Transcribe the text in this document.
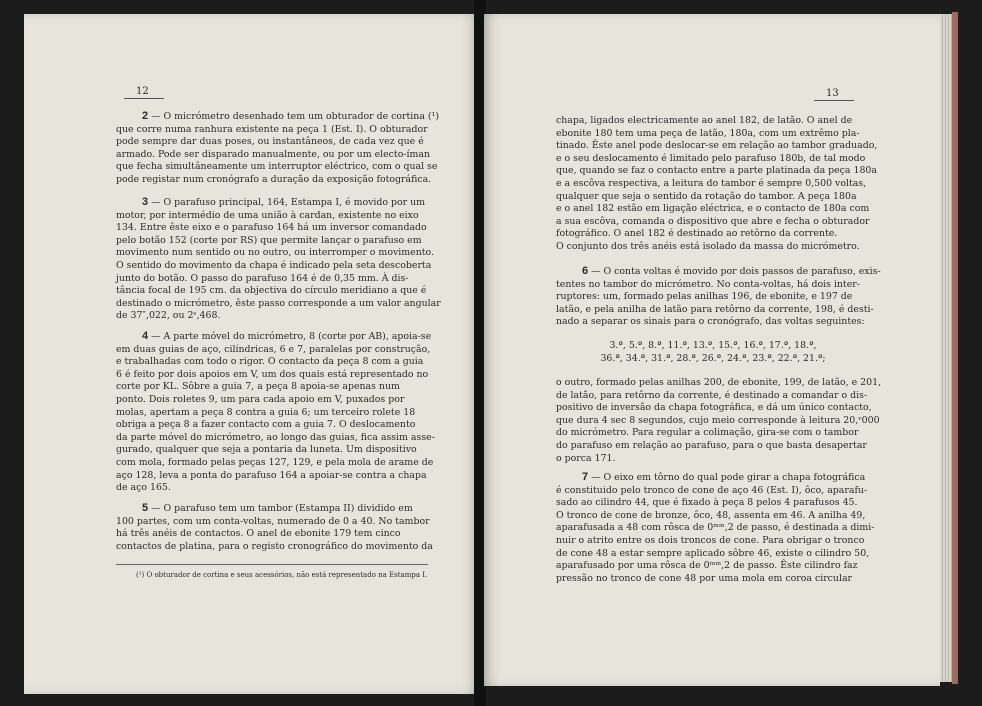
12
2 — O micrómetro desenhado tem um obturador de cortina (¹)
que corre numa ranhura existente na peça 1 (Est. I). O obturador
pode sempre dar duas poses, ou instantâneos, de cada vez que é
armado. Pode ser disparado manualmente, ou por um electo-íman
que fecha simultâneamente um interruptor eléctrico, com o qual se
pode registar num cronógrafo a duração da exposição fotográfica.
3 — O parafuso principal, 164, Estampa I, é movido por um
motor, por intermédio de uma união à cardan, existente no eixo
134. Entre êste eixo e o parafuso 164 há um inversor comandado
pelo botão 152 (corte por RS) que permite lançar o parafuso em
movimento num sentido ou no outro, ou interromper o movimento.
O sentido do movimento da chapa é indicado pela seta descoberta
junto do botão. O passo do parafuso 164 é de 0,35 mm. À dis-
tância focal de 195 cm. da objectiva do círculo meridiano a que é
destinado o micrómetro, êste passo corresponde a um valor angular
de 37″,022, ou 2ˢ,468.
4 — A parte móvel do micrómetro, 8 (corte por AB), apoia-se
em duas guias de aço, cilíndricas, 6 e 7, paralelas por construção,
e trabalhadas com todo o rigor. O contacto da peça 8 com a guia
6 é feito por dois apoios em V, um dos quais está representado no
corte por KL. Sôbre a guia 7, a peça 8 apoia-se apenas num
ponto. Dois roletes 9, um para cada apoio em V, puxados por
molas, apertam a peça 8 contra a guia 6; um terceiro rolete 18
obriga a peça 8 a fazer contacto com a guia 7. O deslocamento
da parte móvel do micrómetro, ao longo das guias, fica assim asse-
gurado, qualquer que seja a pontaria da luneta. Um dispositivo
com mola, formado pelas peças 127, 129, e pela mola de arame de
aço 128, leva a ponta do parafuso 164 a apoiar-se contra a chapa
de aço 165.
5 — O parafuso tem um tambor (Estampa II) dividido em
100 partes, com um conta-voltas, numerado de 0 a 40. No tambor
há três anéis de contactos. O anel de ebonite 179 tem cinco
contactos de platina, para o registo cronográfico do movimento da
(¹) O obturador de cortina e seus acessórios, não está representado na Estampa I.
13
chapa, ligados electricamente ao anel 182, de latão. O anel de
ebonite 180 tem uma peça de latão, 180a, com um extrêmo pla-
tinado. Êste anel pode deslocar-se em relação ao tambor graduado,
e o seu deslocamento é limitado pelo parafuso 180b, de tal modo
que, quando se faz o contacto entre a parte platinada da peça 180a
e a escôva respectiva, a leitura do tambor é sempre 0,500 voltas,
qualquer que seja o sentido da rotação do tambor. A peça 180a
e o anel 182 estão em ligação eléctrica, e o contacto de 180a com
a sua escôva, comanda o dispositivo que abre e fecha o obturador
fotográfico. O anel 182 é destinado ao retôrno da corrente.
O conjunto dos três anéis está isolado da massa do micrómetro.
6 — O conta voltas é movido por dois passos de parafuso, exis-
tentes no tambor do micrómetro. No conta-voltas, há dois inter-
ruptores: um, formado pelas anilhas 196, de ebonite, e 197 de
latão, e pela anilha de latão para retôrno da corrente, 198, é desti-
nado a separar os sinais para o cronógrafo, das voltas seguintes:
3.ª, 5.ª, 8.ª, 11.ª, 13.ª, 15.ª, 16.ª, 17.ª, 18.ª,
36.ª, 34.ª, 31.ª, 28.ª, 26.ª, 24.ª, 23.ª, 22.ª, 21.ª;
o outro, formado pelas anilhas 200, de ebonite, 199, de latão, e 201,
de latão, para retôrno da corrente, é destinado a comandar o dis-
positivo de inversão da chapa fotográfica, e dá um único contacto,
que dura 4 sec 8 segundos, cujo meio corresponde à leitura 20,ᵛ000
do micrómetro. Para regular a colimação, gira-se com o tambor
do parafuso em relação ao parafuso, para o que basta desapertar
o porca 171.
7 — O eixo em tôrno do qual pode girar a chapa fotográfica
é constituido pelo tronco de cone de aço 46 (Est. I), ôco, aparafu-
sado ao cilindro 44, que é fixado à peça 8 pelos 4 parafusos 45.
O tronco de cone de bronze, ôco, 48, assenta em 46. A anilha 49,
aparafusada a 48 com rôsca de 0ᵐᵐ,2 de passo, é destinada a dimi-
nuir o atrito entre os dois troncos de cone. Para obrigar o tronco
de cone 48 a estar sempre aplicado sôbre 46, existe o cilindro 50,
aparafusado por uma rôsca de 0ᵐᵐ,2 de passo. Êste cilindro faz
pressão no tronco de cone 48 por uma mola em coroa circular
